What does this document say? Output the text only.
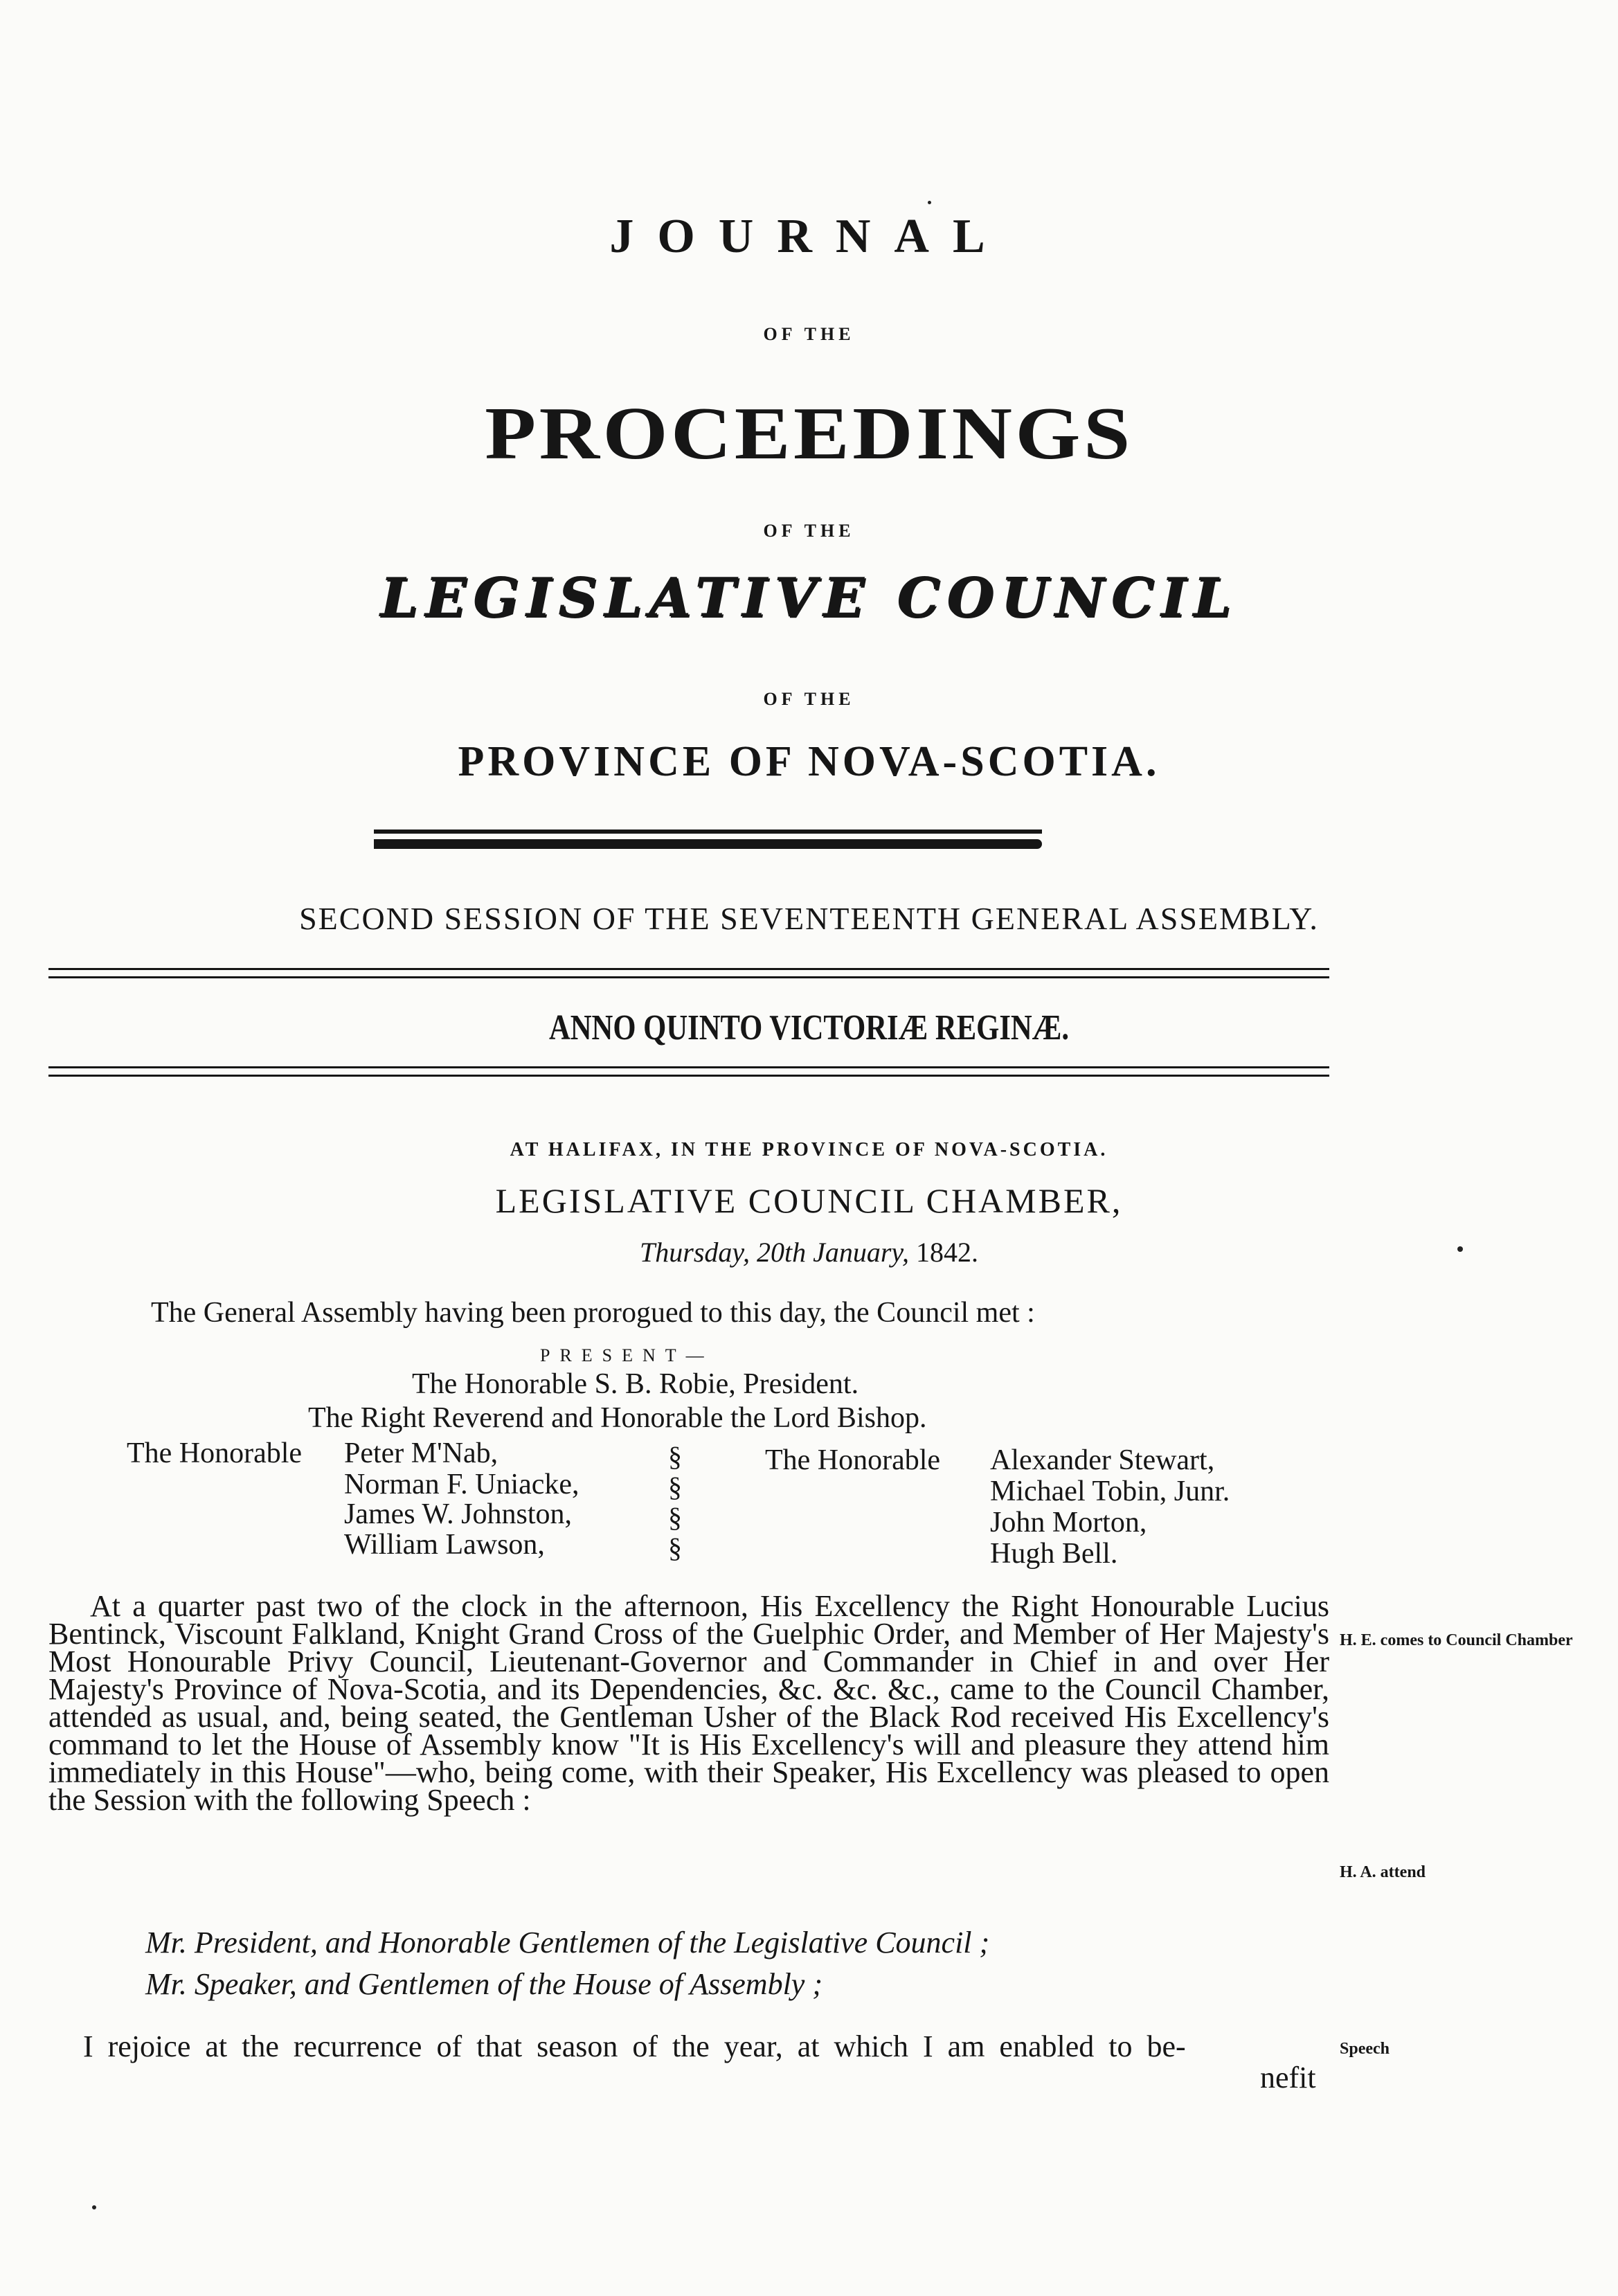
JOURNAL
OF THE
PROCEEDINGS
OF THE
LEGISLATIVE COUNCIL
OF THE
PROVINCE OF NOVA-SCOTIA.
SECOND SESSION OF THE SEVENTEENTH GENERAL ASSEMBLY.
ANNO QUINTO VICTORIÆ REGINÆ.
AT HALIFAX, IN THE PROVINCE OF NOVA-SCOTIA.
LEGISLATIVE COUNCIL CHAMBER,
Thursday, 20th January, 1842.
The General Assembly having been prorogued to this day, the Council met :
PRESENT—
The Honorable S. B. Robie, President.
The Right Reverend and Honorable the Lord Bishop.
The Honorable Peter M'Nab,
Norman F. Uniacke,
James W. Johnston,
William Lawson,
§
§
§
§
The Honorable Alexander Stewart,
Michael Tobin, Junr.
John Morton,
Hugh Bell.

At a quarter past two of the clock in the afternoon, His Excellency the Right Honourable Lucius Bentinck, Viscount Falkland, Knight Grand Cross of the Guelphic Order, and Member of Her Majesty's Most Honourable Privy Council, Lieutenant-Governor and Commander in Chief in and over Her Majesty's Province of Nova-Scotia, and its Dependencies, &c. &c. &c., came to the Council Chamber, attended as usual, and, being seated, the Gentleman Usher of the Black Rod received His Excellency's command to let the House of Assembly know "It is His Excellency's will and pleasure they attend him immediately in this House"—who, being come, with their Speaker, His Excellency was pleased to open the Session with the following Speech :

H. E. comes to Council Chamber
H. A. attend
Speech
Mr. President, and Honorable Gentlemen of the Legislative Council ;
Mr. Speaker, and Gentlemen of the House of Assembly ;
I rejoice at the recurrence of that season of the year, at which I am enabled to be-
nefit
